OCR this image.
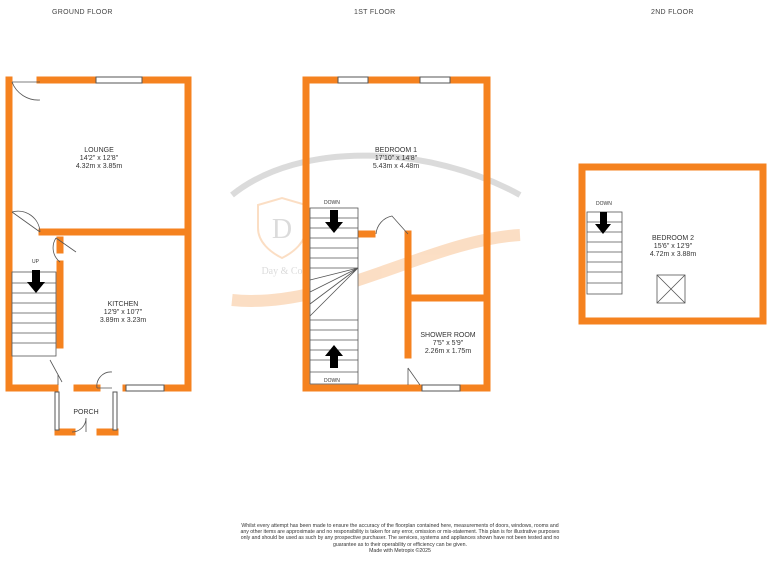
GROUND FLOOR	1ST FLOOR	2ND FLOOR
D
Day & Co
UP
LOUNGE
14'2" x 12'8"
4.32m x 3.85m
KITCHEN
12'9" x 10'7"
3.89m x 3.23m
PORCH
DOWN
DOWN
BEDROOM 1
17'10" x 14'8"
5.43m x 4.48m
SHOWER ROOM
7'5" x 5'9"
2.26m x 1.75m
DOWN
BEDROOM 2
15'6" x 12'9"
4.72m x 3.88m

Whilst every attempt has been made to ensure the accuracy of the floorplan contained here, measurements of doors, windows, rooms and any other items are approximate and no responsibility is taken for any error, omission or mis-statement. This plan is for illustrative purposes only and should be used as such by any prospective purchaser. The services, systems and appliances shown have not been tested and no guarantee as to their operability or efficiency can be given.

Made with Metropix ©2025
